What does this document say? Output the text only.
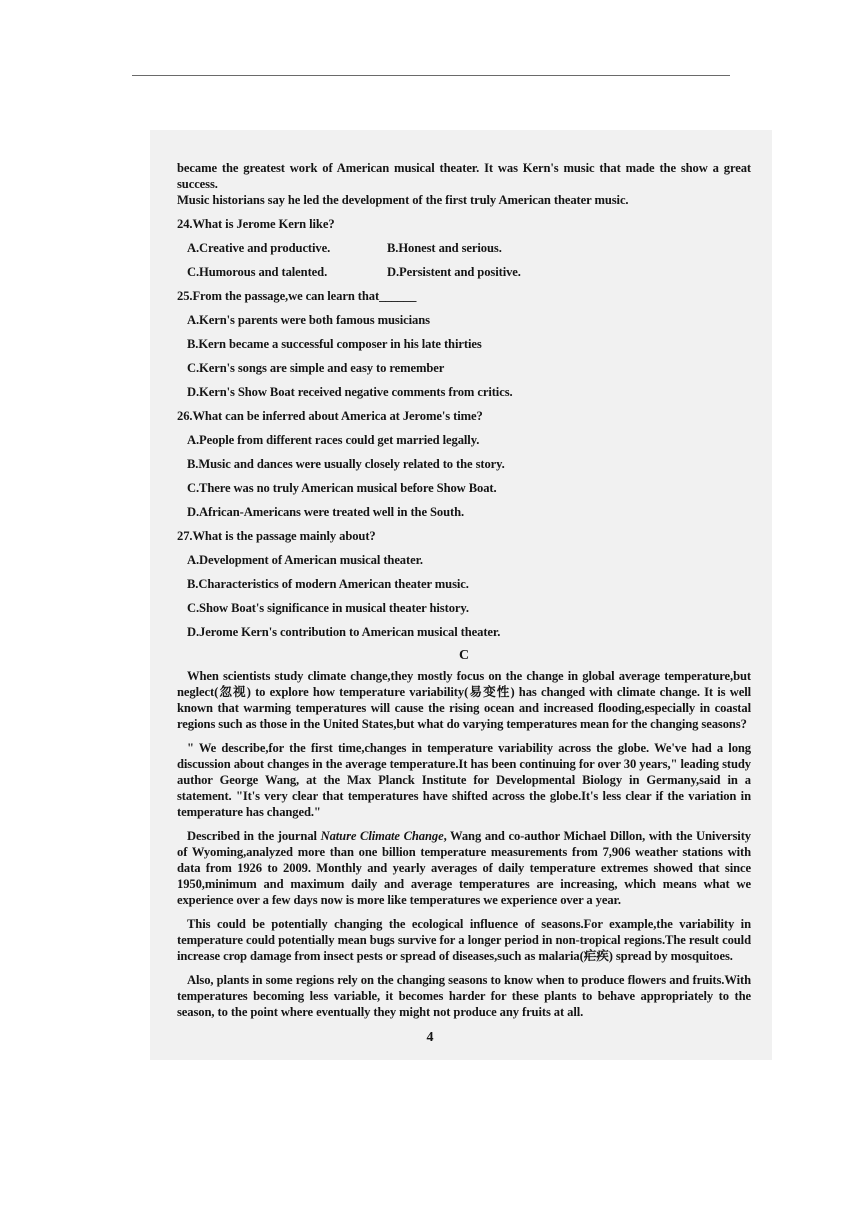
became the greatest work of American musical theater. It was Kern's music that made the show a great success.

Music historians say he led the development of the first truly American theater music.

24.What is Jerome Kern like?

A.Creative and productive.	B.Honest and serious.
C.Humorous and talented.	D.Persistent and positive.

25.From the passage,we can learn that______

A.Kern's parents were both famous musicians

B.Kern became a successful composer in his late thirties

C.Kern's songs are simple and easy to remember

D.Kern's Show Boat received negative comments from critics.

26.What can be inferred about America at Jerome's time?

A.People from different races could get married legally.

B.Music and dances were usually closely related to the story.

C.There was no truly American musical before Show Boat.

D.African-Americans were treated well in the South.

27.What is the passage mainly about?

A.Development of American musical theater.

B.Characteristics of modern American theater music.

C.Show Boat's significance in musical theater history.

D.Jerome Kern's contribution to American musical theater.

C

When scientists study climate change,they mostly focus on the change in global average temperature,but neglect(忽视) to explore how temperature variability(易变性) has changed with climate change. It is well known that warming temperatures will cause the rising ocean and increased flooding,especially in coastal regions such as those in the United States,but what do varying temperatures mean for the changing seasons?

" We describe,for the first time,changes in temperature variability across the globe. We've had a long discussion about changes in the average temperature.It has been continuing for over 30 years," leading study author George Wang, at the Max Planck Institute for Developmental Biology in Germany,said in a statement. "It's very clear that temperatures have shifted across the globe.It's less clear if the variation in temperature has changed."

Described in the journal Nature Climate Change, Wang and co-author Michael Dillon, with the University of Wyoming,analyzed more than one billion temperature measurements from 7,906 weather stations with data from 1926 to 2009. Monthly and yearly averages of daily temperature extremes showed that since 1950,minimum and maximum daily and average temperatures are increasing, which means what we experience over a few days now is more like temperatures we experience over a year.

This could be potentially changing the ecological influence of seasons.For example,the variability in temperature could potentially mean bugs survive for a longer period in non-tropical regions.The result could increase crop damage from insect pests or spread of diseases,such as malaria(疟疾) spread by mosquitoes.

Also, plants in some regions rely on the changing seasons to know when to produce flowers and fruits.With temperatures becoming less variable, it becomes harder for these plants to behave appropriately to the season, to the point where eventually they might not produce any fruits at all.

4
